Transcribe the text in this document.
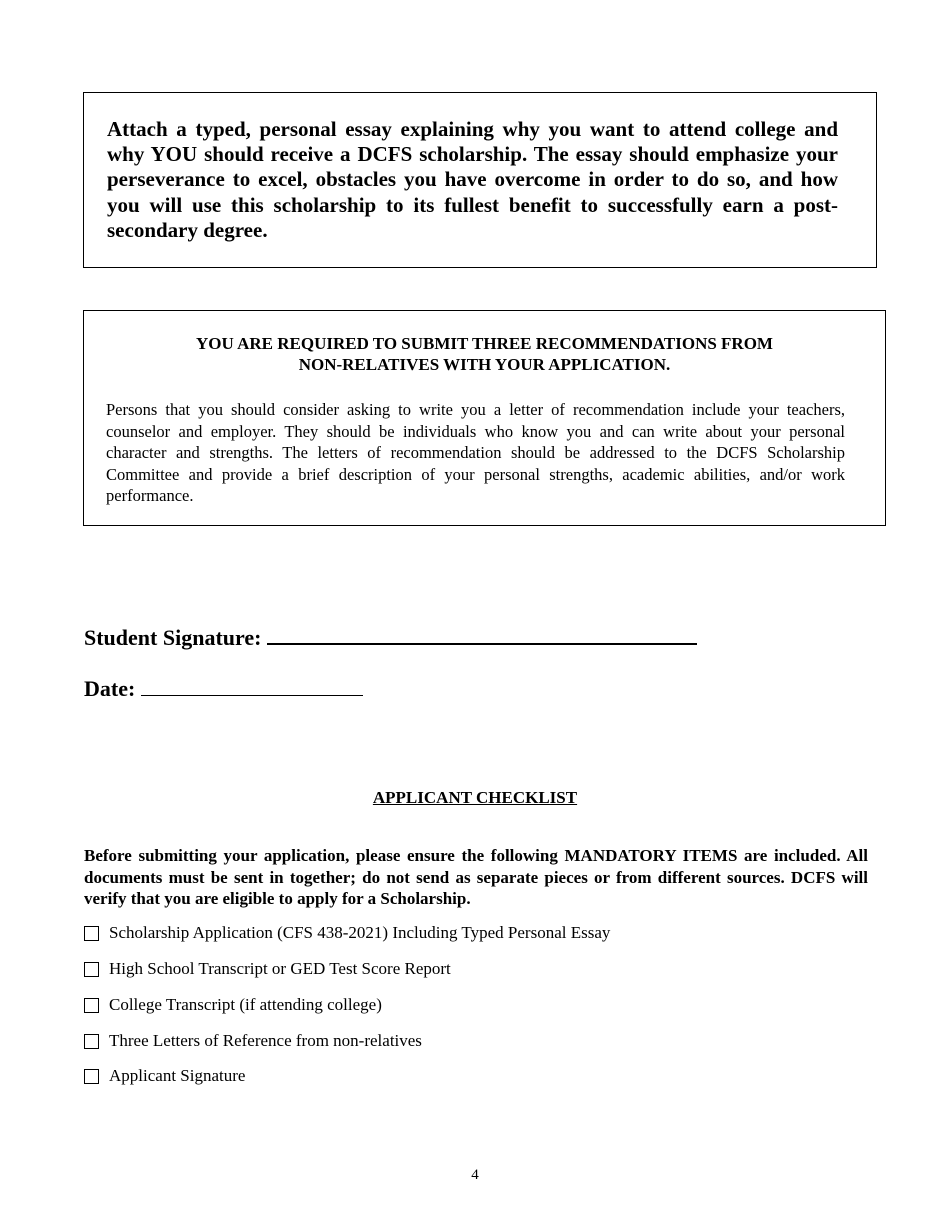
Attach a typed, personal essay explaining why you want to attend college and why YOU should receive a DCFS scholarship. The essay should emphasize your perseverance to excel, obstacles you have overcome in order to do so, and how you will use this scholarship to its fullest benefit to successfully earn a post-secondary degree.

YOU ARE REQUIRED TO SUBMIT THREE RECOMMENDATIONS FROM
NON-RELATIVES WITH YOUR APPLICATION.

Persons that you should consider asking to write you a letter of recommendation include your teachers, counselor and employer. They should be individuals who know you and can write about your personal character and strengths. The letters of recommendation should be addressed to the DCFS Scholarship Committee and provide a brief description of your personal strengths, academic abilities, and/or work performance.

Student Signature:
Date:
APPLICANT CHECKLIST

Before submitting your application, please ensure the following MANDATORY ITEMS are included. All documents must be sent in together; do not send as separate pieces or from different sources. DCFS will verify that you are eligible to apply for a Scholarship.

Scholarship Application (CFS 438-2021) Including Typed Personal Essay
High School Transcript or GED Test Score Report
College Transcript (if attending college)
Three Letters of Reference from non-relatives
Applicant Signature
4
